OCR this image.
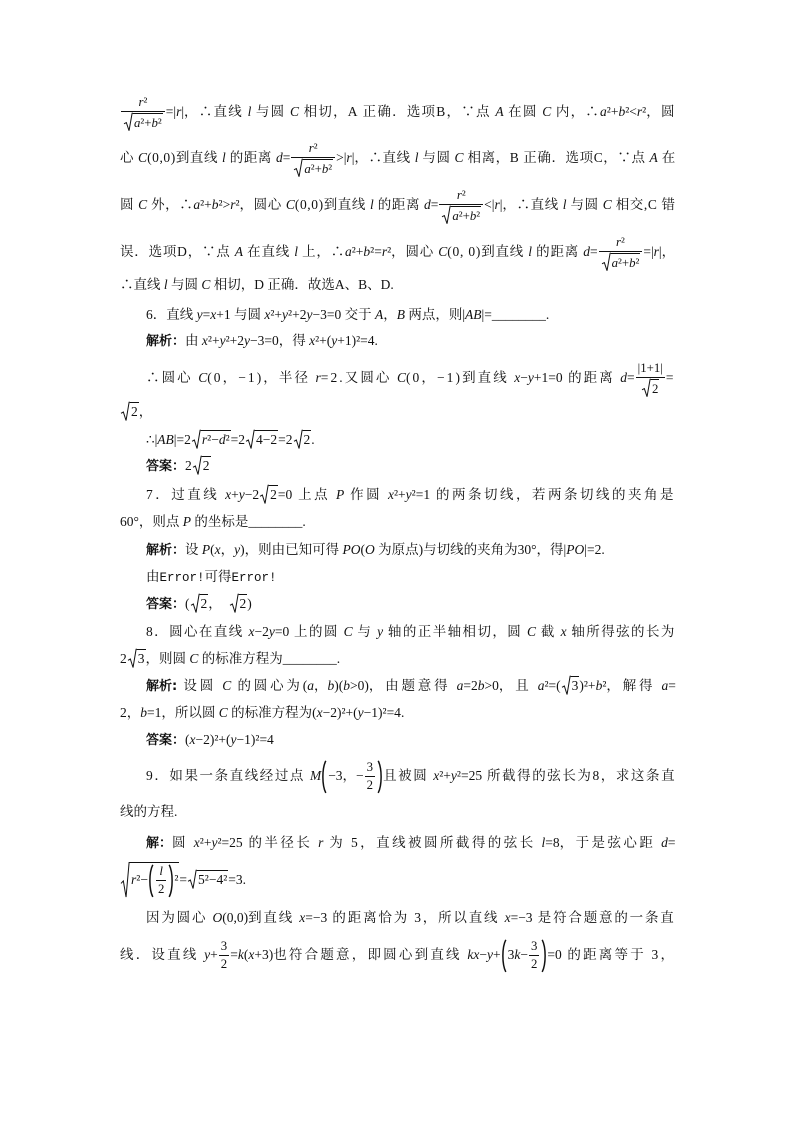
$\frac{\text{r²}}{\text{a²+b²}} =|r|$，∴直线 l 与圆 C 相切，A 正确．选项B，∵点 A 在圆 C 内，∴a²+b²<r²，圆
心 C(0,0)到直线 l 的距离 $d= \frac{\text{r²}}{\text{a²+b²}} >|r|$，∴直线 l 与圆 C 相离，B 正确．选项C，∵点 A 在
圆 C 外，∴a²+b²>r²，圆心 C(0,0)到直线 l 的距离 $d= \frac{\text{r²}}{\text{a²+b²}} <|r|$，∴直线 l 与圆 C 相交,C 错
误．选项D，∵点 A 在直线 l 上，∴a²+b²=r²，圆心 C(0, 0)到直线 l 的距离 $d= \frac{\text{r²}}{\text{a²+b²}} =|r|$，
∴直线 l 与圆 C 相切，D 正确．故选A、B、D.
6．直线 y=x+1 与圆 x²+y²+2y−3=0 交于 A，B 两点，则|AB|=________.
解析：由 x²+y²+2y−3=0，得 x²+(y+1)²=4.
∴圆心 C(0，−1)，半径 r=2.又圆心 C(0，−1)到直线 x−y+1=0 的距离 $d= \frac{|1+1|}{2}$ =
2 ，
∴|AB|=2 r²−d² =2 4−2 =2 2 .
答案：2 2
7．过直线 x+y−2 2 =0 上点 P 作圆 x²+y²=1 的两条切线，若两条切线的夹角是
60°，则点 P 的坐标是________.
解析：设 P(x，y)，则由已知可得 PO(O 为原点)与切线的夹角为30°，得|PO|=2.
由Error!可得Error!
答案：( 2 ，　 2 )
8．圆心在直线 x−2y=0 上的圆 C 与 y 轴的正半轴相切，圆 C 截 x 轴所得弦的长为
2 3 ，则圆 C 的标准方程为________.
解析: 设圆 C 的圆心为(a，b)(b>0)，由题意得 a=2b>0，且 a²=( 3 )²+b²，解得 a=
2，b=1，所以圆 C 的标准方程为(x−2)²+(y−1)²=4.
答案：(x−2)²+(y−1)²=4
9．如果一条直线经过点 M −3，− $\frac{3}{2}$ 且被圆 x²+y²=25 所截得的弦长为8，求这条直
线的方程.
解：圆 x²+y²=25 的半径长 r 为 5，直线被圆所截得的弦长 l=8，于是弦心距 d=
$r^2- \frac{l}{2} ^2 = 5^2-4^2 =3$.
因为圆心 O(0,0)到直线 x=−3 的距离恰为 3，所以直线 x=−3 是符合题意的一条直
线．设直线 $y+ \frac{3}{2} =k(x+3)$也符合题意，即圆心到直线 $kx-y+ 3k- \frac{3}{2} =0$ 的距离等于 3，
